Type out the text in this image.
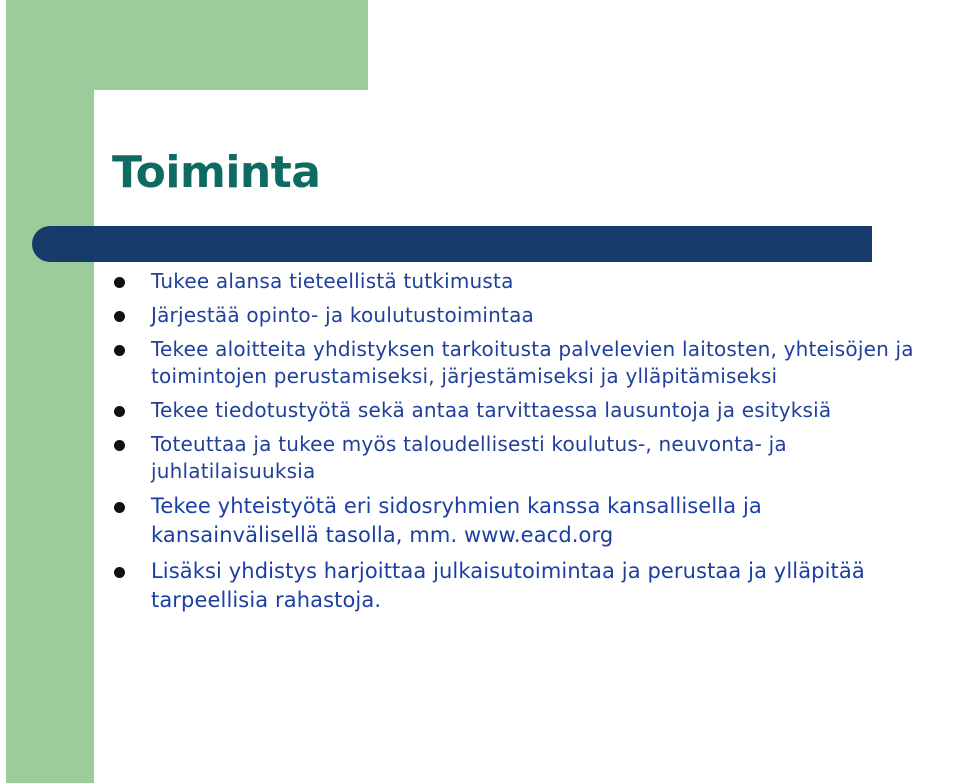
Toiminta
Tukee alansa tieteellistä tutkimusta
Järjestää opinto- ja koulutustoimintaa
Tekee aloitteita yhdistyksen tarkoitusta palvelevien laitosten, yhteisöjen ja toimintojen perustamiseksi, järjestämiseksi ja ylläpitämiseksi
Tekee tiedotustyötä sekä antaa tarvittaessa lausuntoja ja esityksiä
Toteuttaa ja tukee myös taloudellisesti koulutus-, neuvonta- ja juhlatilaisuuksia
Tekee yhteistyötä eri sidosryhmien kanssa kansallisella ja kansainvälisellä tasolla, mm. www.eacd.org
Lisäksi yhdistys harjoittaa julkaisutoimintaa ja perustaa ja ylläpitää tarpeellisia rahastoja.
